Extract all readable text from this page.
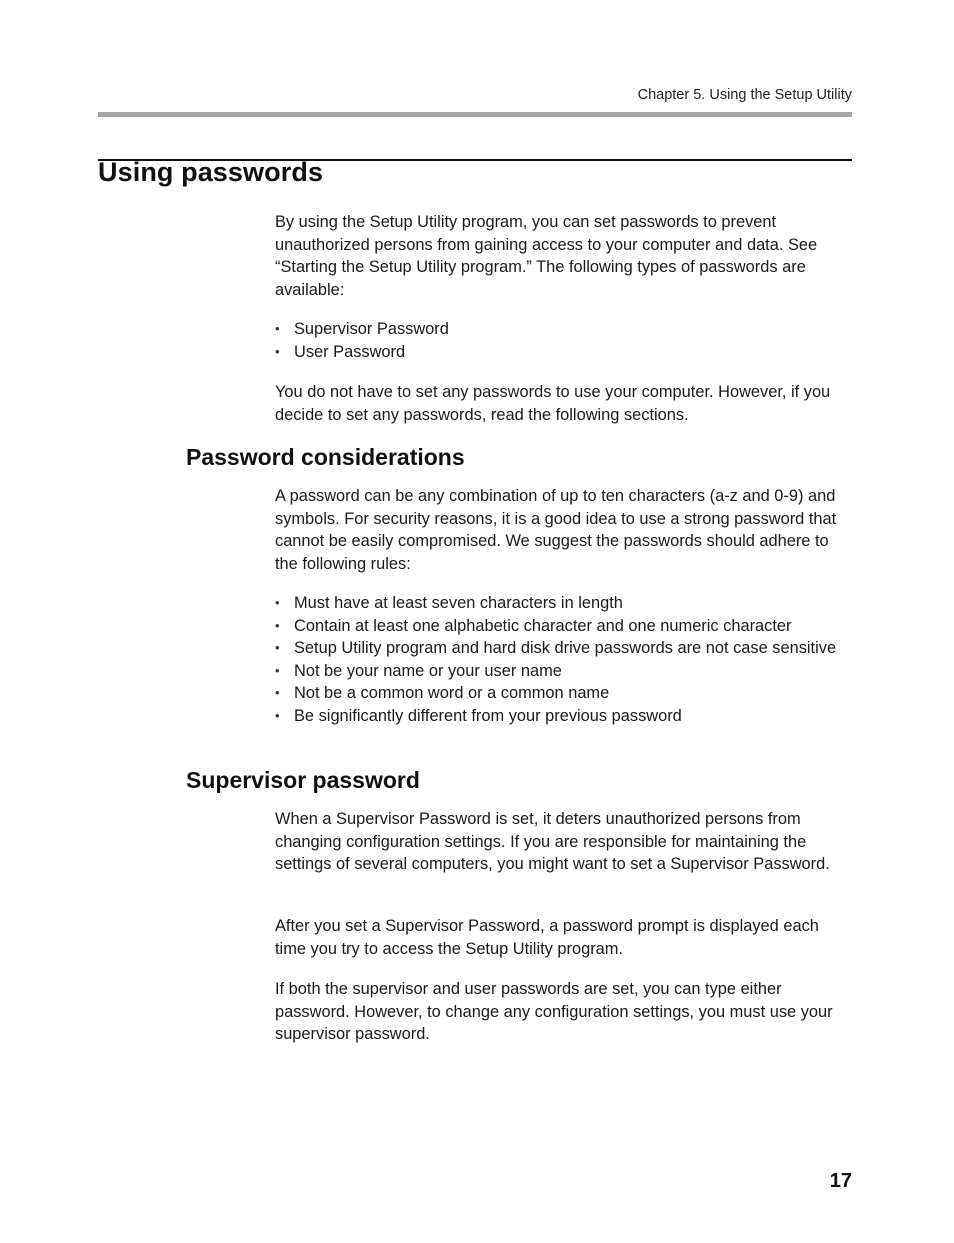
Chapter 5. Using the Setup Utility
Using passwords

By using the Setup Utility program, you can set passwords to prevent unauthorized persons from gaining access to your computer and data. See “Starting the Setup Utility program.” The following types of passwords are available:

• Supervisor Password
• User Password

You do not have to set any passwords to use your computer. However, if you decide to set any passwords, read the following sections.

Password considerations

A password can be any combination of up to ten characters (a-z and 0-9) and symbols. For security reasons, it is a good idea to use a strong password that cannot be easily compromised. We suggest the passwords should adhere to the following rules:

• Must have at least seven characters in length
• Contain at least one alphabetic character and one numeric character
• Setup Utility program and hard disk drive passwords are not case sensitive
• Not be your name or your user name
• Not be a common word or a common name
• Be significantly different from your previous password
Supervisor password

When a Supervisor Password is set, it deters unauthorized persons from changing configuration settings. If you are responsible for maintaining the settings of several computers, you might want to set a Supervisor Password.

After you set a Supervisor Password, a password prompt is displayed each time you try to access the Setup Utility program.

If both the supervisor and user passwords are set, you can type either password. However, to change any configuration settings, you must use your supervisor password.

17
